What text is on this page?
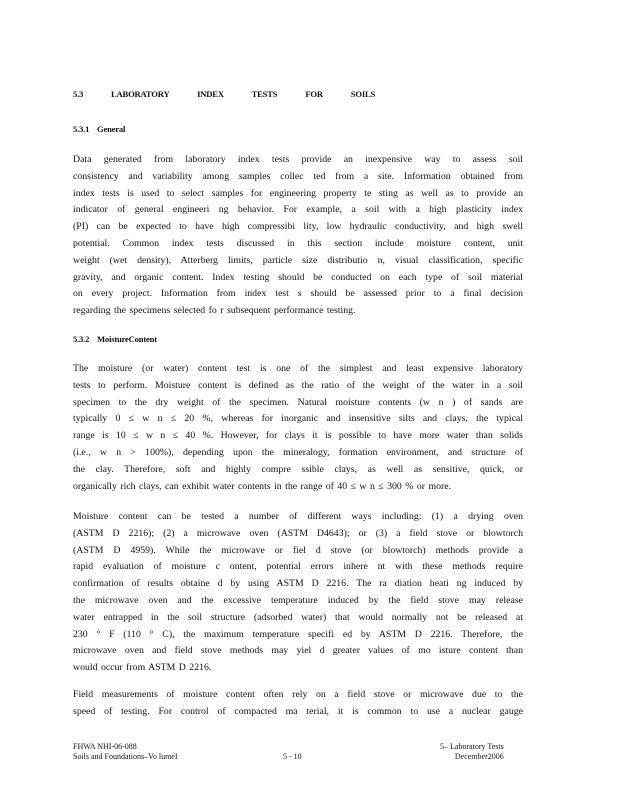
5.3	LABORATORY INDEX TESTS FOR SOILS
5.3.1 General
Data generated from laboratory index tests provide an inexpensive way to assess soil
consistency and variability among samples collec ted from a site. Information obtained from
index tests is used to select samples for engineering property te sting as well as to provide an
indicator of general engineeri ng behavior. For example, a soil with a high plasticity index
(PI) can be expected to have high compressibi lity, low hydraulic conductivity, and high swell
potential. Common index tests discussed in this section include moisture content, unit
weight (wet density), Atterberg limits, particle size distributio n, visual classification, specific
gravity, and organic content. Index testing should be conducted on each type of soil material
on every project. Information from index test s should be assessed prior to a final decision
regarding the specimens selected fo r subsequent performance testing.
5.3.2 MoistureContent
The moisture (or water) content test is one of the simplest and least expensive laboratory
tests to perform. Moisture content is defined as the ratio of the weight of the water in a soil
specimen to the dry weight of the specimen. Natural moisture contents (w n ) of sands are
typically 0 ≤ w n ≤ 20 %, whereas for inorganic and insensitive silts and clays, the typical
range is 10 ≤ w n ≤ 40 %. However, for clays it is possible to have more water than solids
(i.e., w n > 100%), depending upon the mineralogy, formation environment, and structure of
the clay. Therefore, soft and highly compre ssible clays, as well as sensitive, quick, or
organically rich clays, can exhibit water contents in the range of 40 ≤ w n ≤ 300 % or more.
Moisture content can be tested a number of different ways including: (1) a drying oven
(ASTM D 2216); (2) a microwave oven (ASTM D4643); or (3) a field stove or blowtorch
(ASTM D 4959). While the microwave or fiel d stove (or blowtorch) methods provide a
rapid evaluation of moisture c ontent, potential errors inhere nt with these methods require
confirmation of results obtaine d by using ASTM D 2216. The ra diation heati ng induced by
the microwave oven and the excessive temperature induced by the field stove may release
water entrapped in the soil structure (adsorbed water) that would normally not be released at
230 ° F (110 ° C), the maximum temperature specifi ed by ASTM D 2216. Therefore, the
microwave oven and field stove methods may yiel d greater values of mo isture content than
would occur from ASTM D 2216.
Field measurements of moisture content often rely on a field stove or microwave due to the
speed of testing. For control of compacted ma terial, it is common to use a nuclear gauge
FHWA NHI-06-088
Soils and Foundations–Vo lumeI	5 - 10
5– Laboratory Tests
December2006
